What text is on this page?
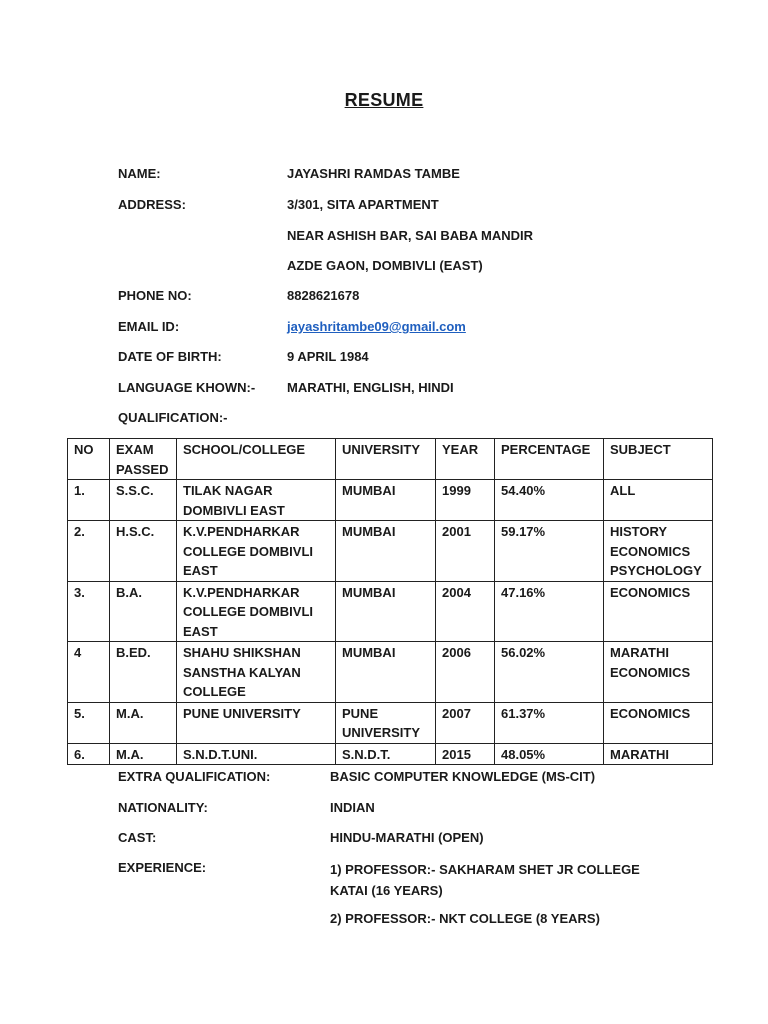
RESUME
NAME:	JAYASHRI RAMDAS TAMBE
ADDRESS:	3/301, SITA APARTMENT
NEAR ASHISH BAR, SAI BABA MANDIR
AZDE GAON, DOMBIVLI (EAST)
PHONE NO:	8828621678
EMAIL ID:	jayashritambe09@gmail.com
DATE OF BIRTH:	9 APRIL 1984
LANGUAGE KHOWN:- MARATHI, ENGLISH, HINDI
QUALIFICATION:-
NO	EXAM PASSED	SCHOOL/COLLEGE	UNIVERSITY	YEAR	PERCENTAGE	SUBJECT
1.	S.S.C.	TILAK NAGAR DOMBIVLI EAST	MUMBAI	1999	54.40%	ALL
2.	H.S.C.	K.V.PENDHARKAR COLLEGE DOMBIVLI EAST	MUMBAI	2001	59.17%	HISTORY ECONOMICS PSYCHOLOGY
3.	B.A.	K.V.PENDHARKAR COLLEGE DOMBIVLI EAST	MUMBAI	2004	47.16%	ECONOMICS
4	B.ED.	SHAHU SHIKSHAN SANSTHA KALYAN COLLEGE	MUMBAI	2006	56.02%	MARATHI ECONOMICS
5.	M.A.	PUNE UNIVERSITY	PUNE UNIVERSITY	2007	61.37%	ECONOMICS
6.	M.A.	S.N.D.T.UNI.	S.N.D.T.	2015	48.05%	MARATHI
EXTRA QUALIFICATION:	BASIC COMPUTER KNOWLEDGE (MS-CIT)
NATIONALITY:	INDIAN
CAST:	HINDU-MARATHI (OPEN)
EXPERIENCE:	1) PROFESSOR:- SAKHARAM SHET JR COLLEGE KATAI (16 YEARS)
2) PROFESSOR:- NKT COLLEGE (8 YEARS)
